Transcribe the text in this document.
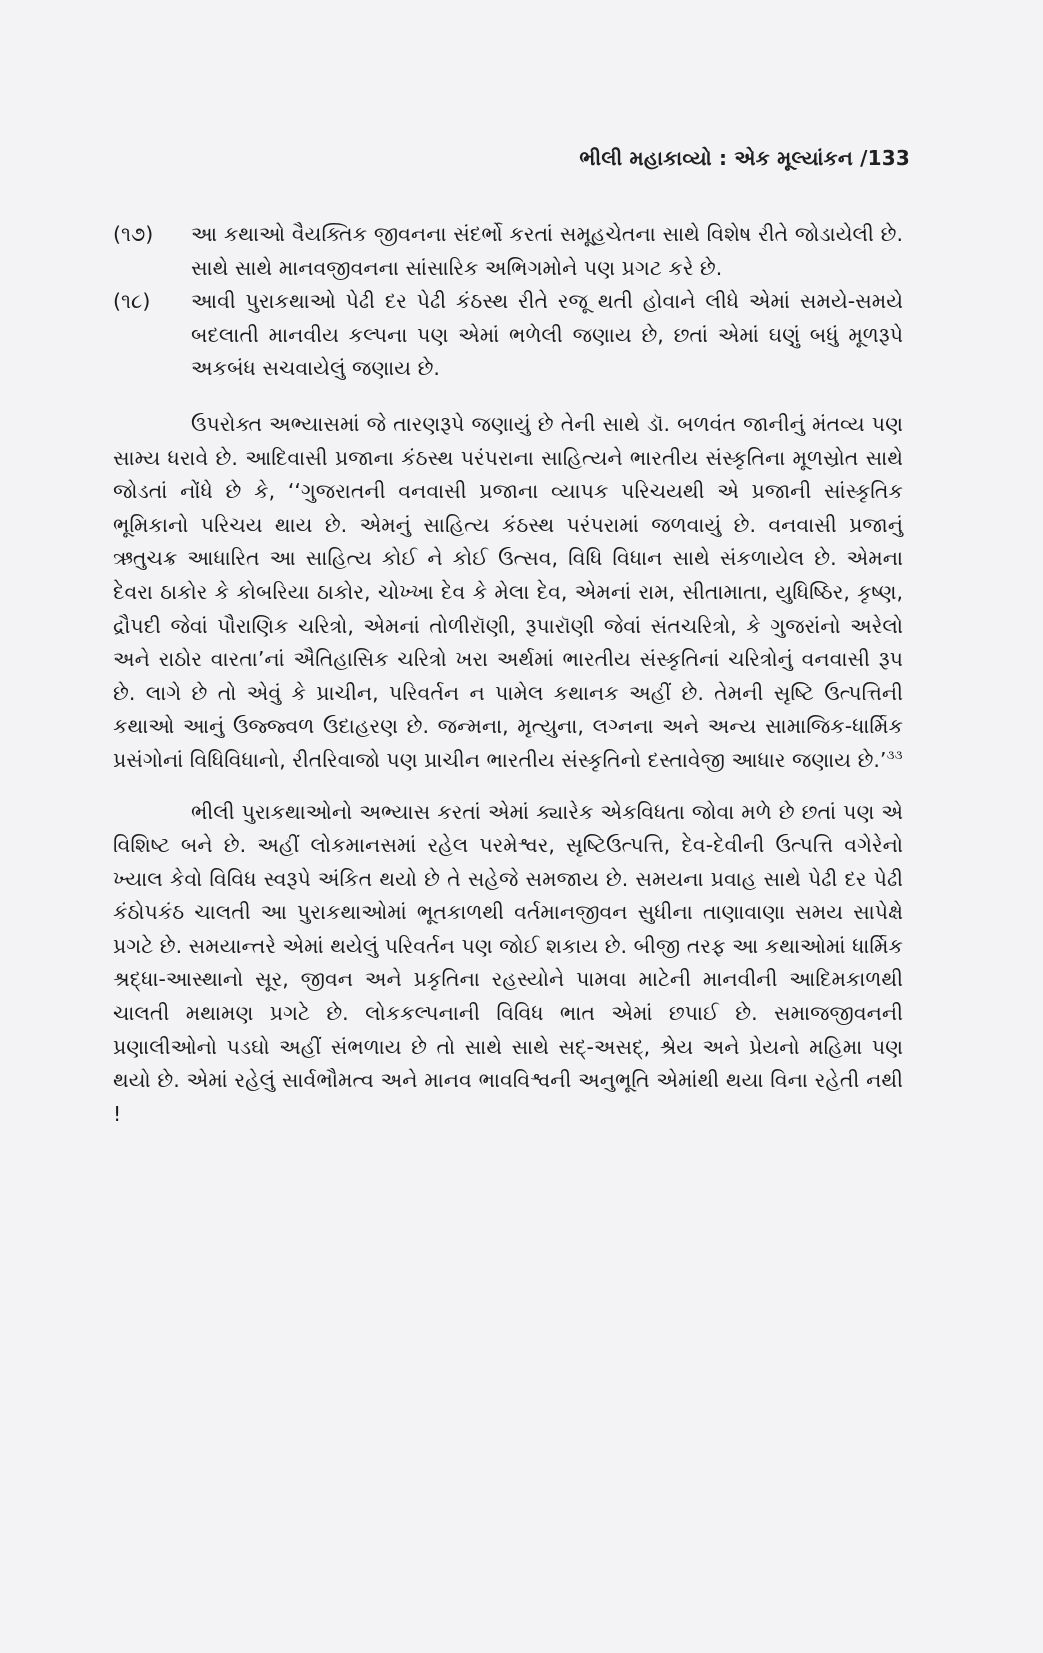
ભીલી મહાકાવ્યો : એક મૂલ્યાંકન /133
(૧૭)	આ કથાઓ વૈયક્તિક જીવનના સંદર્ભો કરતાં સમૂહચેતના સાથે વિશેષ રીતે જોડાયેલી છે. સાથે સાથે માનવજીવનના સાંસારિક અભિગમોને પણ પ્રગટ કરે છે.
(૧૮)	આવી પુરાકથાઓ પેઢી દર પેઢી કંઠસ્થ રીતે રજૂ થતી હોવાને લીધે એમાં સમયે-સમયે બદલાતી માનવીય કલ્પના પણ એમાં ભળેલી જણાય છે, છતાં એમાં ઘણું બધું મૂળરૂપે અકબંધ સચવાયેલું જણાય છે.

ઉપરોક્ત અભ્યાસમાં જે તારણરૂપે જણાયું છે તેની સાથે ડૉ. બળવંત જાનીનું મંતવ્ય પણ સામ્ય ધરાવે છે. આદિવાસી પ્રજાના કંઠસ્થ પરંપરાના સાહિત્યને ભારતીય સંસ્કૃતિના મૂળસ્રોત સાથે જોડતાં નોંધે છે કે, ‘‘ગુજરાતની વનવાસી પ્રજાના વ્યાપક પરિચયથી એ પ્રજાની સાંસ્કૃતિક ભૂમિકાનો પરિચય થાય છે. એમનું સાહિત્ય કંઠસ્થ પરંપરામાં જળવાયું છે. વનવાસી પ્રજાનું ઋતુચક્ર આધારિત આ સાહિત્ય કોઈ ને કોઈ ઉત્સવ, વિધિ વિધાન સાથે સંકળાયેલ છે. એમના દેવરા ઠાકોર કે કોબરિયા ઠાકોર, ચોખ્ખા દેવ કે મેલા દેવ, એમનાં રામ, સીતામાતા, યુધિષ્ઠિર, કૃષ્ણ, દ્રૌપદી જેવાં પૌરાણિક ચરિત્રો, એમનાં તોળીરૉણી, રૂપારૉણી જેવાં સંતચરિત્રો, કે ગુજરાંનો અરેલો અને રાઠોર વારતા’નાં ઐતિહાસિક ચરિત્રો ખરા અર્થમાં ભારતીય સંસ્કૃતિનાં ચરિત્રોનું વનવાસી રૂપ છે. લાગે છે તો એવું કે પ્રાચીન, પરિવર્તન ન પામેલ કથાનક અહીં છે. તેમની સૃષ્ટિ ઉત્પત્તિની કથાઓ આનું ઉજ્જ્વળ ઉદાહરણ છે. જન્મના, મૃત્યુના, લગ્નના અને અન્ય સામાજિક-ધાર્મિક પ્રસંગોનાં વિધિવિધાનો, રીતરિવાજો પણ પ્રાચીન ભારતીય સંસ્કૃતિનો દસ્તાવેજી આધાર જણાય છે.’$^{૩૩}$

ભીલી પુરાકથાઓનો અભ્યાસ કરતાં એમાં ક્યારેક એકવિધતા જોવા મળે છે છતાં પણ એ વિશિષ્ટ બને છે. અહીં લોકમાનસમાં રહેલ પરમેશ્વર, સૃષ્ટિઉત્પત્તિ, દેવ-દેવીની ઉત્પત્તિ વગેરેનો ખ્યાલ કેવો વિવિધ સ્વરૂપે અંકિત થયો છે તે સહેજે સમજાય છે. સમયના પ્રવાહ સાથે પેઢી દર પેઢી કંઠોપકંઠ ચાલતી આ પુરાકથાઓમાં ભૂતકાળથી વર્તમાનજીવન સુધીના તાણાવાણા સમય સાપેક્ષે પ્રગટે છે. સમયાન્તરે એમાં થયેલું પરિવર્તન પણ જોઈ શકાય છે. બીજી તરફ આ કથાઓમાં ધાર્મિક શ્રદ્ધા-આસ્થાનો સૂર, જીવન અને પ્રકૃતિના રહસ્યોને પામવા માટેની માનવીની આદિમકાળથી ચાલતી મથામણ પ્રગટે છે. લોકકલ્પનાની વિવિધ ભાત એમાં છપાઈ છે. સમાજજીવનની પ્રણાલીઓનો પડઘો અહીં સંભળાય છે તો સાથે સાથે સદ્-અસદ્, શ્રેય અને પ્રેયનો મહિમા પણ થયો છે. એમાં રહેલું સાર્વભૌમત્વ અને માનવ ભાવવિશ્વની અનુભૂતિ એમાંથી થયા વિના રહેતી નથી !
